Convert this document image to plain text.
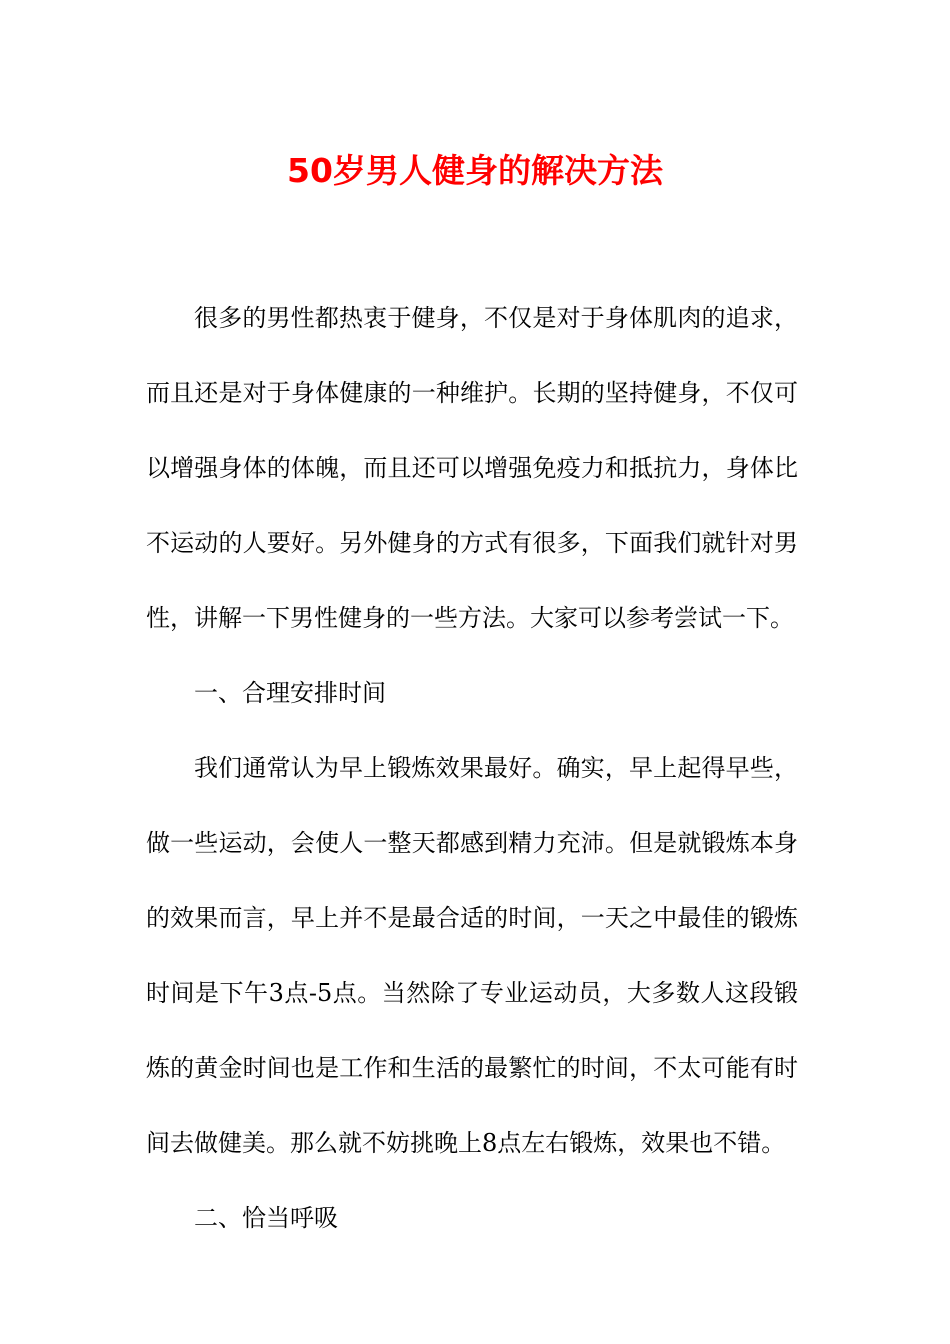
50岁男人健身的解决方法

很多的男性都热衷于健身，不仅是对于身体肌肉的追求，而且还是对于身体健康的一种维护。长期的坚持健身，不仅可以增强身体的体魄，而且还可以增强免疫力和抵抗力，身体比不运动的人要好。另外健身的方式有很多，下面我们就针对男性，讲解一下男性健身的一些方法。大家可以参考尝试一下。

一、合理安排时间

我们通常认为早上锻炼效果最好。确实，早上起得早些，做一些运动，会使人一整天都感到精力充沛。但是就锻炼本身的效果而言，早上并不是最合适的时间，一天之中最佳的锻炼时间是下午3点-5点。当然除了专业运动员，大多数人这段锻炼的黄金时间也是工作和生活的最繁忙的时间，不太可能有时间去做健美。那么就不妨挑晚上8点左右锻炼，效果也不错。

二、恰当呼吸
